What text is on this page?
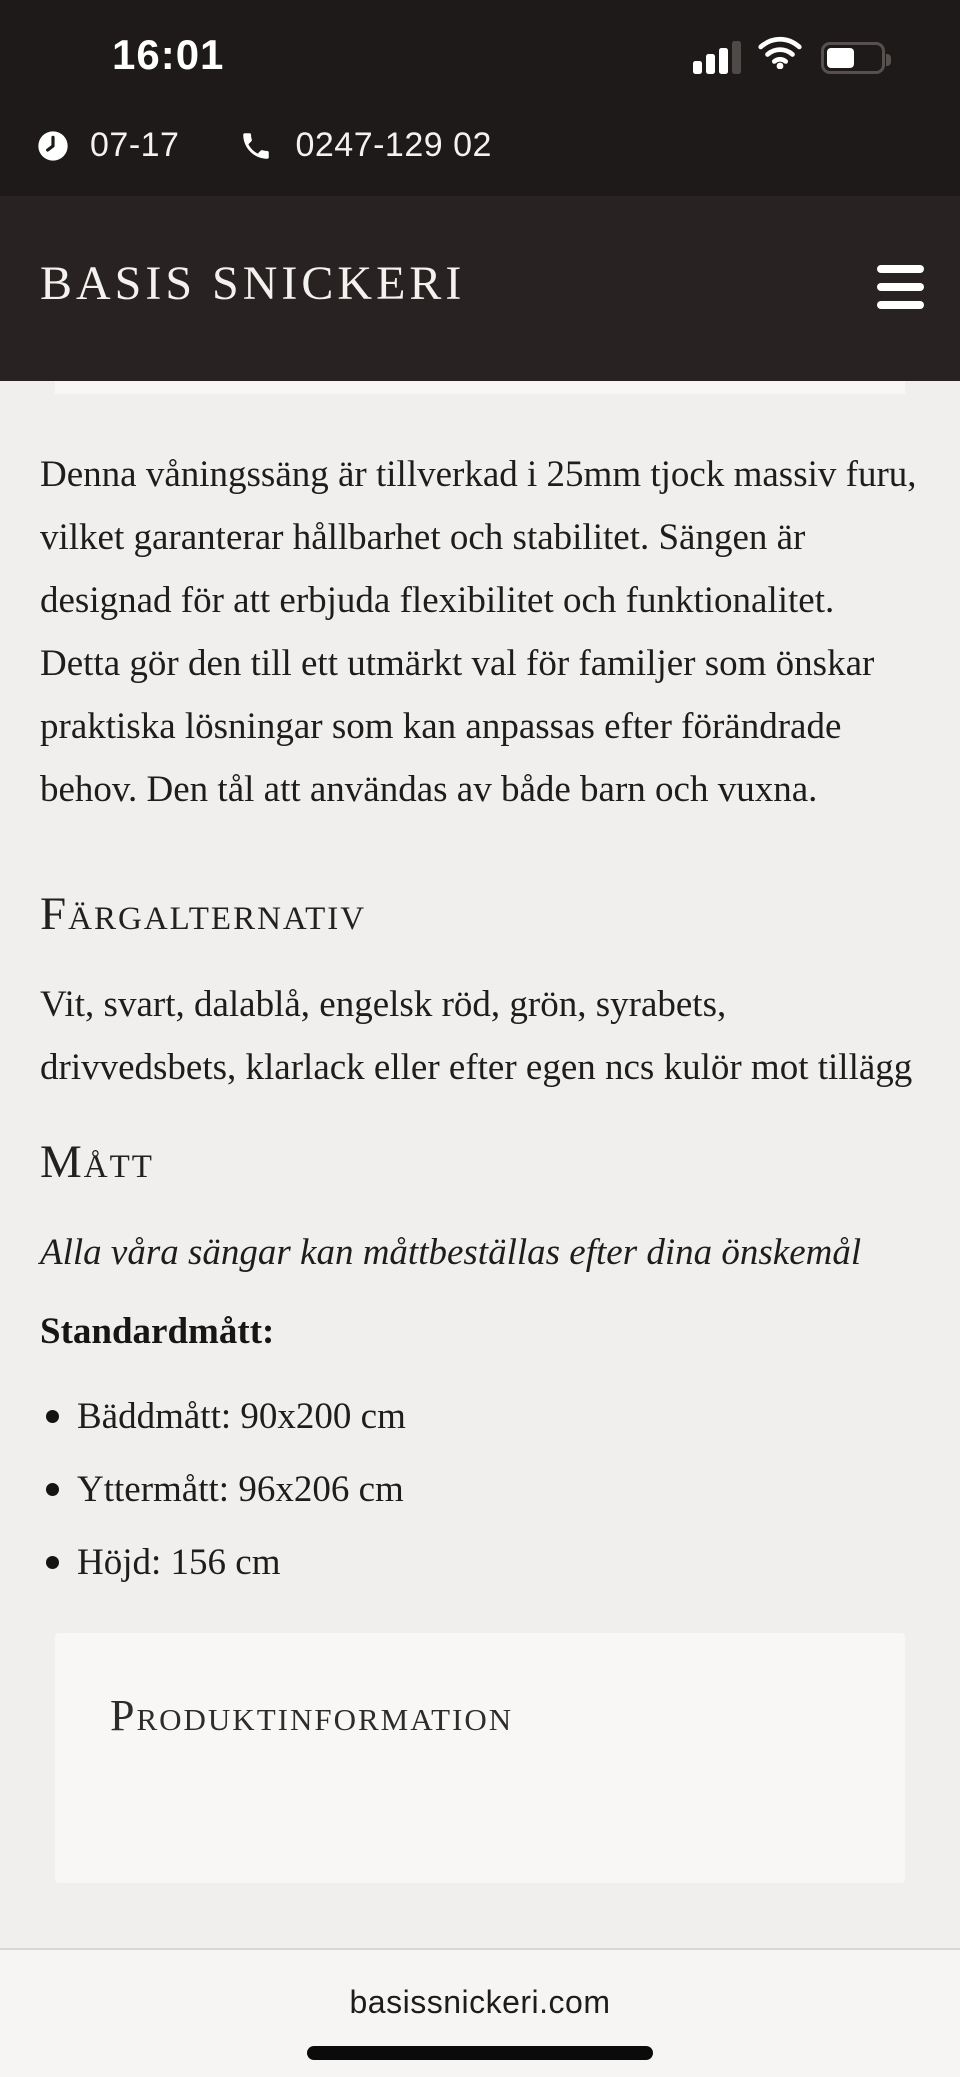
16:01
07-17	0247-129 02
BASIS SNICKERI

Denna våningssäng är tillverkad i 25mm tjock massiv furu, vilket garanterar hållbarhet och stabilitet. Sängen är designad för att erbjuda flexibilitet och funktionalitet. Detta gör den till ett utmärkt val för familjer som önskar praktiska lösningar som kan anpassas efter förändrade behov. Den tål att användas av både barn och vuxna.

Färgalternativ

Vit, svart, dalablå, engelsk röd, grön, syrabets, drivvedsbets, klarlack eller efter egen ncs kulör mot tillägg

Mått

Alla våra sängar kan måttbeställas efter dina önskemål

Standardmått:

Bäddmått: 90x200 cm
Yttermått: 96x206 cm
Höjd: 156 cm
Produktinformation
basissnickeri.com
